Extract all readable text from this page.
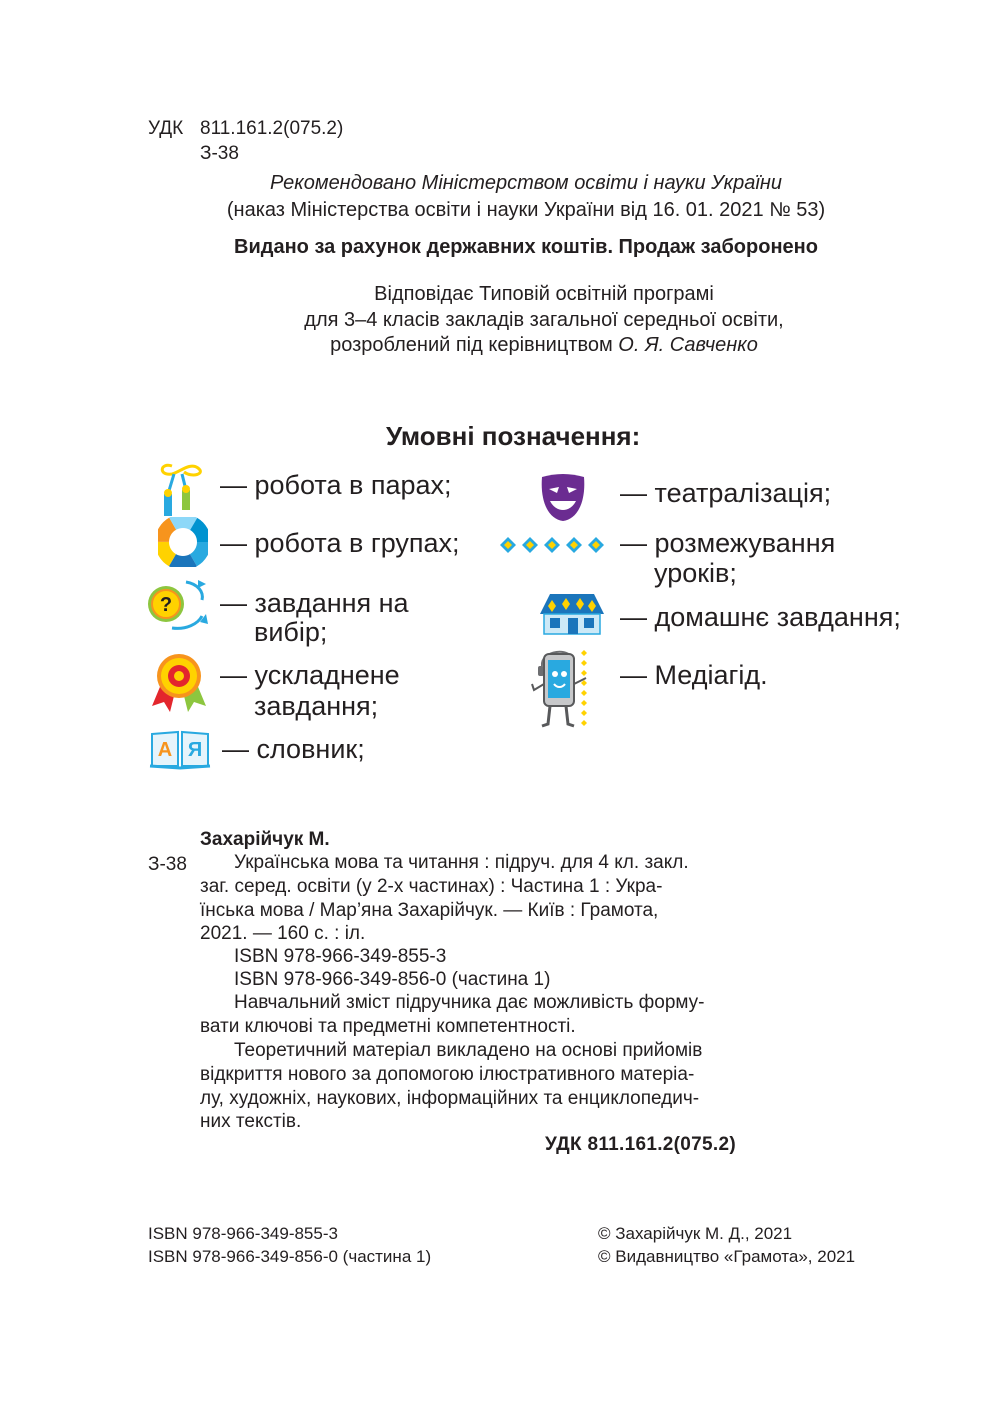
УДК 811.161.2(075.2)
З-38
Рекомендовано Міністерством освіти і науки України
(наказ Міністерства освіти і науки України від 16. 01. 2021 № 53)
Видано за рахунок державних коштів. Продаж заборонено
Відповідає Типовій освітній програмі
для 3–4 класів закладів загальної середньої освіти,
розроблений під керівництвом О. Я. Савченко
Умовні позначення:
— робота в парах;
— робота в групах;
? — завдання на
вибір;
— ускладнене
завдання;
А Я — словник;
— театралізація;
— розмежування
уроків;
— домашнє завдання;
— Медіагід.
Захарійчук М.
З-38 Українська мова та читання : підруч. для 4 кл. закл.
заг. серед. освіти (у 2-х частинах) : Частина 1 : Укра-
їнська мова / Мар’яна Захарійчук. — Київ : Грамота,
2021. — 160 с. : іл.
ISBN 978-966-349-855-3
ISBN 978-966-349-856-0 (частина 1)
Навчальний зміст підручника дає можливість форму-
вати ключові та предметні компетентності.
Теоретичний матеріал викладено на основі прийомів
відкриття нового за допомогою ілюстративного матеріа-
лу, художніх, наукових, інформаційних та енциклопедич-
них текстів.
УДК 811.161.2(075.2)
ISBN 978-966-349-855-3
ISBN 978-966-349-856-0 (частина 1)
© Захарійчук М. Д., 2021
© Видавництво «Грамота», 2021
